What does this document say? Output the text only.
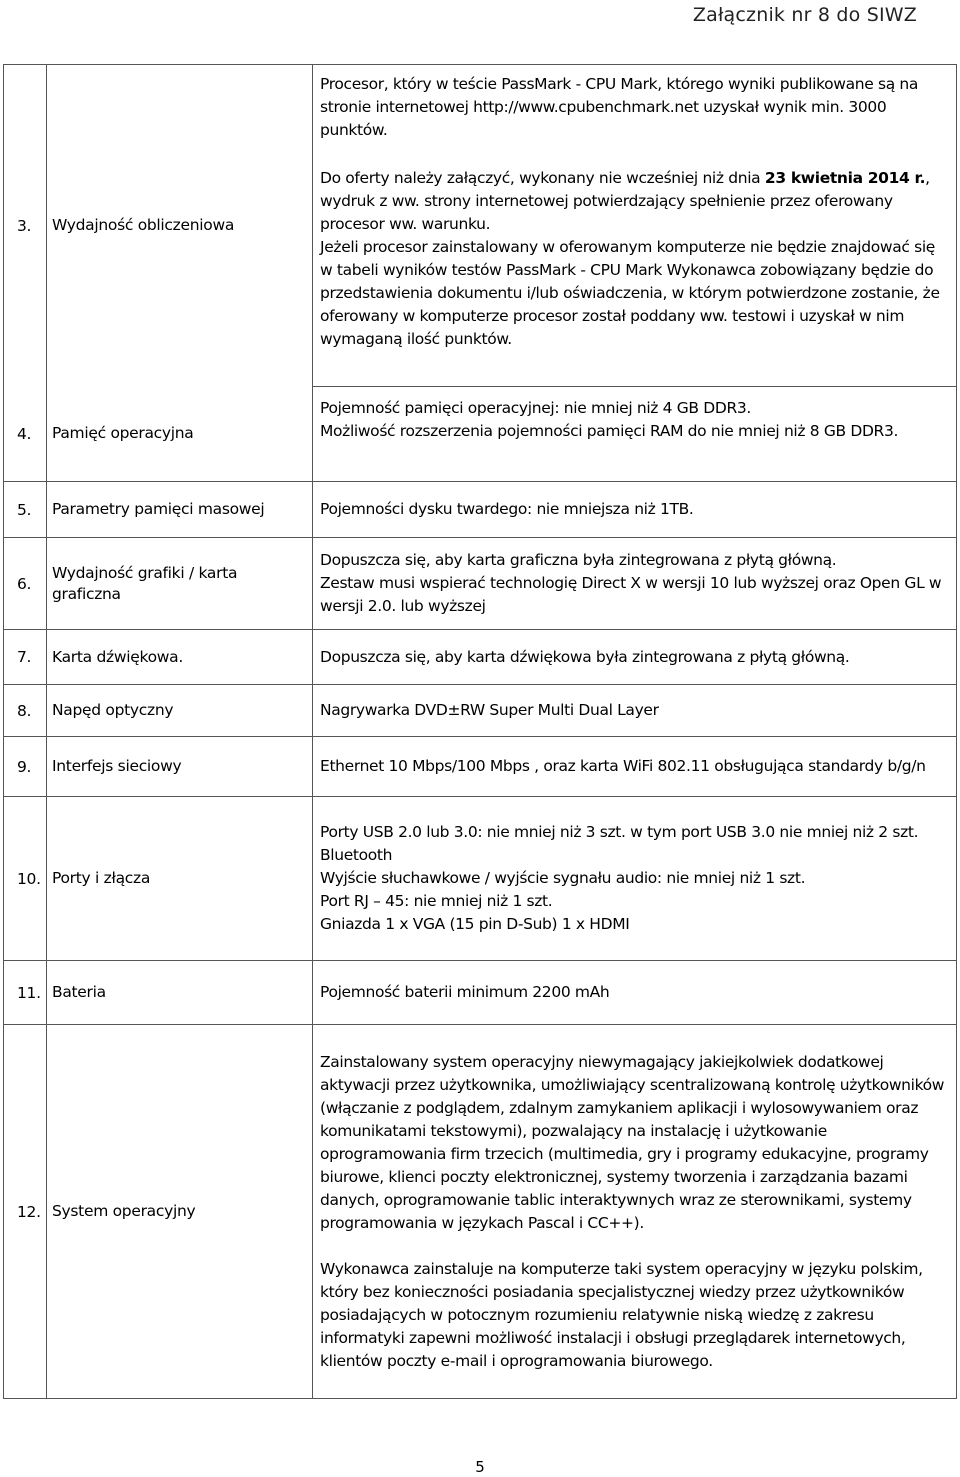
Załącznik nr 8 do SIWZ
3.	Wydajność obliczeniowa	Procesor, który w teście PassMark - CPU Mark, którego wyniki publikowane są na stronie internetowej http://www.cpubenchmark.net uzyskał wynik min. 3000 punktów.

Do oferty należy załączyć, wykonany nie wcześniej niż dnia 23 kwietnia 2014 r., wydruk z ww. strony internetowej potwierdzający spełnienie przez oferowany procesor ww. warunku.

Jeżeli procesor zainstalowany w oferowanym komputerze nie będzie znajdować się w tabeli wyników testów PassMark - CPU Mark Wykonawca zobowiązany będzie do przedstawienia dokumentu i/lub oświadczenia, w którym potwierdzone zostanie, że oferowany w komputerze procesor został poddany ww. testowi i uzyskał w nim wymaganą ilość punktów.

4.	Pamięć operacyjna	Pojemność pamięci operacyjnej: nie mniej niż 4 GB DDR3.

Możliwość rozszerzenia pojemności pamięci RAM do nie mniej niż 8 GB DDR3.

5.	Parametry pamięci masowej	Pojemności dysku twardego: nie mniejsza niż 1TB.

6.	Wydajność grafiki / karta graficzna	Dopuszcza się, aby karta graficzna była zintegrowana z płytą główną.

Zestaw musi wspierać technologię Direct X w wersji 10 lub wyższej oraz Open GL w wersji 2.0. lub wyższej

7.	Karta dźwiękowa.	Dopuszcza się, aby karta dźwiękowa była zintegrowana z płytą główną.

8.	Napęd optyczny	Nagrywarka DVD±RW Super Multi Dual Layer

9.	Interfejs sieciowy	Ethernet 10 Mbps/100 Mbps , oraz karta WiFi 802.11 obsługująca standardy b/g/n

10.	Porty i złącza	Porty USB 2.0 lub 3.0: nie mniej niż 3 szt. w tym port USB 3.0 nie mniej niż 2 szt.

Bluetooth

Wyjście słuchawkowe / wyjście sygnału audio: nie mniej niż 1 szt.

Port RJ – 45: nie mniej niż 1 szt.

Gniazda 1 x VGA (15 pin D-Sub) 1 x HDMI

11.	Bateria	Pojemność baterii minimum 2200 mAh

12.	System operacyjny	Zainstalowany system operacyjny niewymagający jakiejkolwiek dodatkowej aktywacji przez użytkownika, umożliwiający scentralizowaną kontrolę użytkowników (włączanie z podglądem, zdalnym zamykaniem aplikacji i wylosowywaniem oraz komunikatami tekstowymi), pozwalający na instalację i użytkowanie oprogramowania firm trzecich (multimedia, gry i programy edukacyjne, programy biurowe, klienci poczty elektronicznej, systemy tworzenia i zarządzania bazami danych, oprogramowanie tablic interaktywnych wraz ze sterownikami, systemy programowania w językach Pascal i CC++).

Wykonawca zainstaluje na komputerze taki system operacyjny w języku polskim, który bez konieczności posiadania specjalistycznej wiedzy przez użytkowników posiadających w potocznym rozumieniu relatywnie niską wiedzę z zakresu informatyki zapewni możliwość instalacji i obsługi przeglądarek internetowych, klientów poczty e-mail i oprogramowania biurowego.

5
